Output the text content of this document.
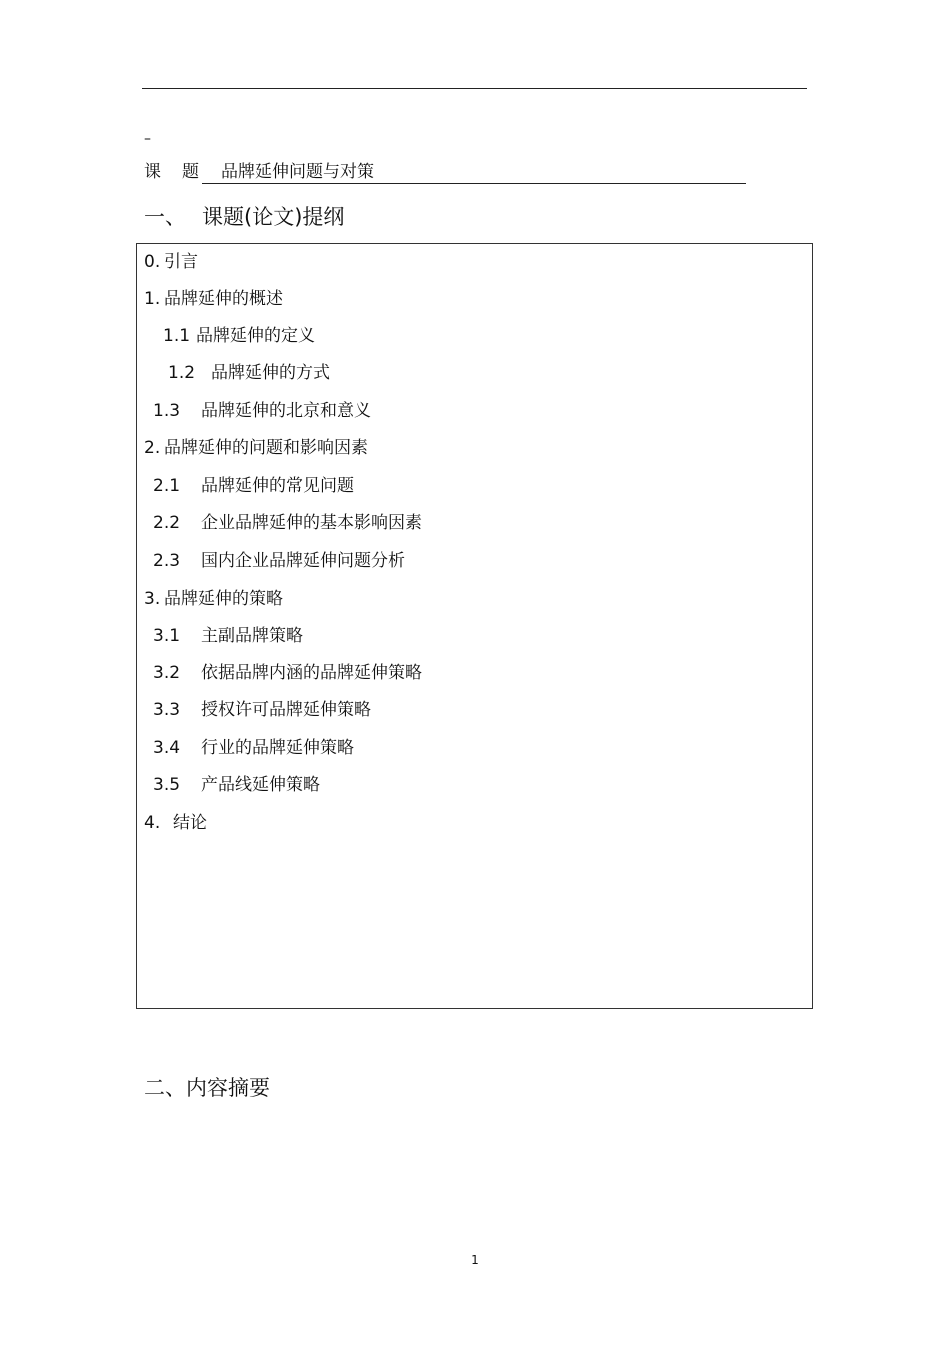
–
课 题 品牌延伸问题与对策
一、 课题(论文)提纲
0. 引言
1. 品牌延伸的概述
1.1 品牌延伸的定义
1.2 品牌延伸的方式
1.3 品牌延伸的北京和意义
2. 品牌延伸的问题和影响因素
2.1 品牌延伸的常见问题
2.2 企业品牌延伸的基本影响因素
2.3 国内企业品牌延伸问题分析
3. 品牌延伸的策略
3.1 主副品牌策略
3.2 依据品牌内涵的品牌延伸策略
3.3 授权许可品牌延伸策略
3.4 行业的品牌延伸策略
3.5 产品线延伸策略
4. 结论
二、内容摘要
1
